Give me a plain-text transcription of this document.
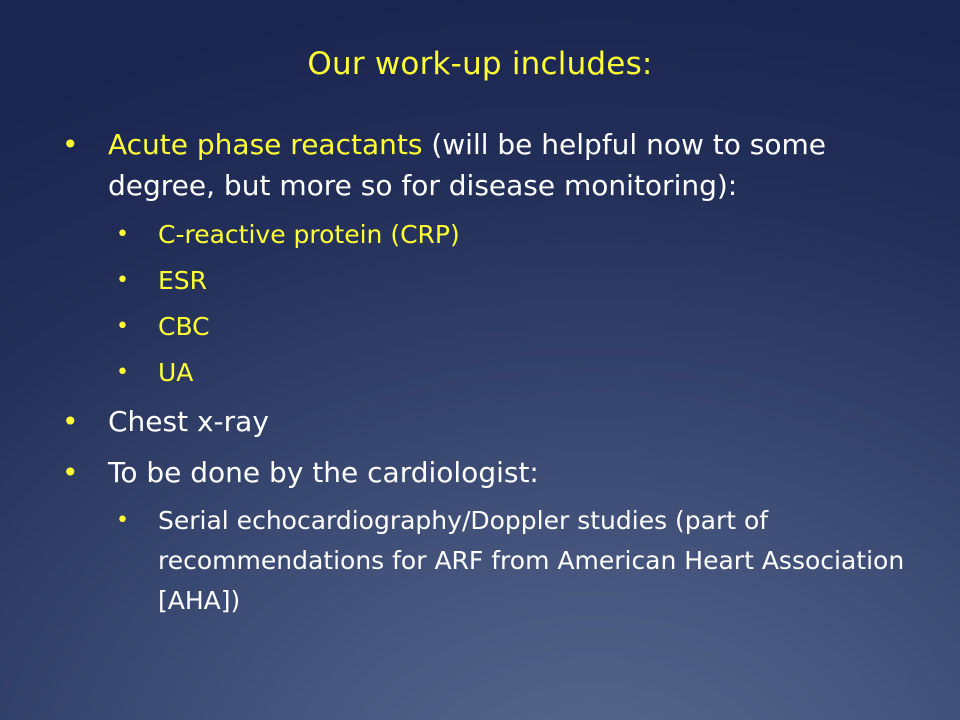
Our work-up includes:
• Acute phase reactants (will be helpful now to some degree, but more so for disease monitoring):
• C-reactive protein (CRP)
• ESR
• CBC
• UA
• Chest x-ray
• To be done by the cardiologist:
• Serial echocardiography/Doppler studies (part of recommendations for ARF from American Heart Association [AHA])
